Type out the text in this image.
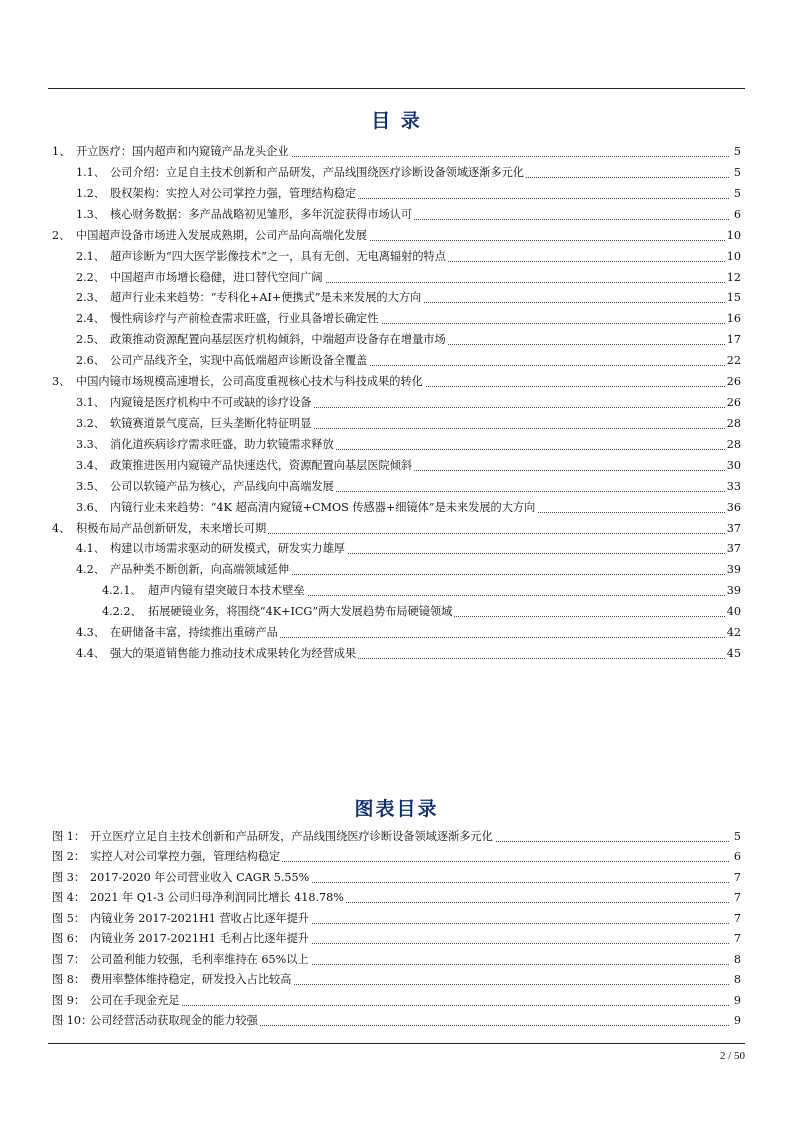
目 录
1、 开立医疗：国内超声和内窥镜产品龙头企业	5
1.1、 公司介绍：立足自主技术创新和产品研发，产品线围绕医疗诊断设备领域逐渐多元化	5
1.2、 股权架构：实控人对公司掌控力强，管理结构稳定	5
1.3、 核心财务数据：多产品战略初见雏形，多年沉淀获得市场认可	6
2、 中国超声设备市场进入发展成熟期，公司产品向高端化发展	10
2.1、 超声诊断为“四大医学影像技术”之一，具有无创、无电离辐射的特点	10
2.2、 中国超声市场增长稳健，进口替代空间广阔	12
2.3、 超声行业未来趋势：“专科化+AI+便携式”是未来发展的大方向	15
2.4、 慢性病诊疗与产前检查需求旺盛，行业具备增长确定性	16
2.5、 政策推动资源配置向基层医疗机构倾斜，中端超声设备存在增量市场	17
2.6、 公司产品线齐全，实现中高低端超声诊断设备全覆盖	22
3、 中国内镜市场规模高速增长，公司高度重视核心技术与科技成果的转化	26
3.1、 内窥镜是医疗机构中不可或缺的诊疗设备	26
3.2、 软镜赛道景气度高，巨头垄断化特征明显	28
3.3、 消化道疾病诊疗需求旺盛，助力软镜需求释放	28
3.4、 政策推进医用内窥镜产品快速迭代，资源配置向基层医院倾斜	30
3.5、 公司以软镜产品为核心，产品线向中高端发展	33
3.6、 内镜行业未来趋势：“4K 超高清内窥镜+CMOS 传感器+细镜体”是未来发展的大方向	36
4、 积极布局产品创新研发，未来增长可期	37
4.1、 构建以市场需求驱动的研发模式，研发实力雄厚	37
4.2、 产品种类不断创新，向高端领域延伸	39
4.2.1、 超声内镜有望突破日本技术壁垒	39
4.2.2、 拓展硬镜业务，将围绕“4K+ICG”两大发展趋势布局硬镜领域	40
4.3、 在研储备丰富，持续推出重磅产品	42
4.4、 强大的渠道销售能力推动技术成果转化为经营成果	45
图表目录
图 1： 开立医疗立足自主技术创新和产品研发，产品线围绕医疗诊断设备领域逐渐多元化	5
图 2： 实控人对公司掌控力强，管理结构稳定	6
图 3： 2017-2020 年公司营业收入 CAGR 5.55%	7
图 4： 2021 年 Q1-3 公司归母净利润同比增长 418.78%	7
图 5： 内镜业务 2017-2021H1 营收占比逐年提升	7
图 6： 内镜业务 2017-2021H1 毛利占比逐年提升	7
图 7： 公司盈利能力较强，毛利率维持在 65%以上	8
图 8： 费用率整体维持稳定，研发投入占比较高	8
图 9： 公司在手现金充足	9
图 10：公司经营活动获取现金的能力较强	9
2 / 50
